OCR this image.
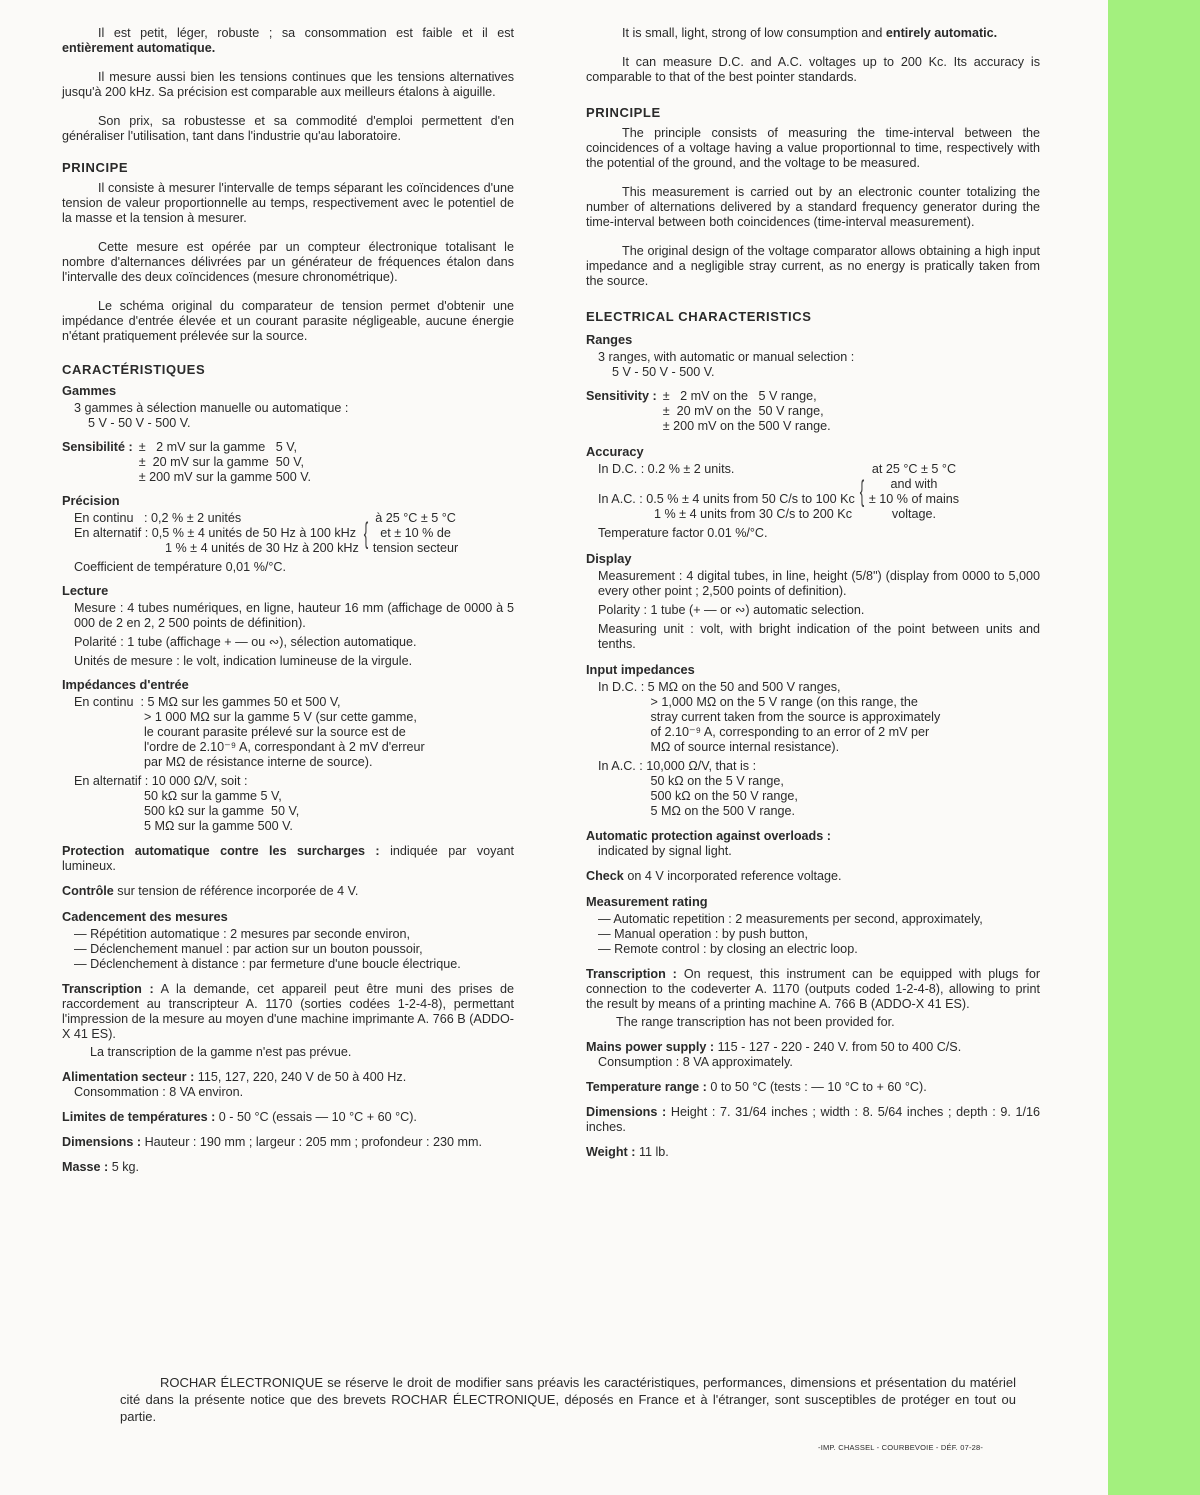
Il est petit, léger, robuste ; sa consommation est faible et il est entièrement automatique.

Il mesure aussi bien les tensions continues que les tensions alternatives jusqu'à 200 kHz. Sa précision est comparable aux meilleurs étalons à aiguille.

Son prix, sa robustesse et sa commodité d'emploi permettent d'en généraliser l'utilisation, tant dans l'industrie qu'au laboratoire.

PRINCIPE

Il consiste à mesurer l'intervalle de temps séparant les coïncidences d'une tension de valeur proportionnelle au temps, respectivement avec le potentiel de la masse et la tension à mesurer.

Cette mesure est opérée par un compteur électronique totalisant le nombre d'alternances délivrées par un générateur de fréquences étalon dans l'intervalle des deux coïncidences (mesure chronométrique).

Le schéma original du comparateur de tension permet d'obtenir une impédance d'entrée élevée et un courant parasite négligeable, aucune énergie n'étant pratiquement prélevée sur la source.

CARACTÉRISTIQUES
Gammes
3 gammes à sélection manuelle ou automatique :
5 V - 50 V - 500 V.
Sensibilité : ±   2 mV sur la gamme   5 V,
±  20 mV sur la gamme  50 V,
± 200 mV sur la gamme 500 V.
Précision
En continu   : 0,2 % ± 2 unités
En alternatif : 0,5 % ± 4 unités de 50 Hz à 100 kHz
1 % ± 4 unités de 30 Hz à 200 kHz { à 25 °C ± 5 °C
et ± 10 % de
tension secteur
Coefficient de température 0,01 %/°C.
Lecture
Mesure : 4 tubes numériques, en ligne, hauteur 16 mm (affichage de 0000 à 5 000 de 2 en 2, 2 500 points de définition).
Polarité : 1 tube (affichage + — ou ∾), sélection automatique.
Unités de mesure : le volt, indication lumineuse de la virgule.
Impédances d'entrée
En continu  : 5 MΩ sur les gammes 50 et 500 V,
> 1 000 MΩ sur la gamme 5 V (sur cette gamme,
le courant parasite prélevé sur la source est de
l'ordre de 2.10⁻⁹ A, correspondant à 2 mV d'erreur
par MΩ de résistance interne de source).
En alternatif : 10 000 Ω/V, soit :
50 kΩ sur la gamme 5 V,
500 kΩ sur la gamme  50 V,
5 MΩ sur la gamme 500 V.

Protection automatique contre les surcharges : indiquée par voyant lumineux.

Contrôle sur tension de référence incorporée de 4 V.

Cadencement des mesures
— Répétition automatique : 2 mesures par seconde environ,
— Déclenchement manuel : par action sur un bouton poussoir,
— Déclenchement à distance : par fermeture d'une boucle électrique.

Transcription : A la demande, cet appareil peut être muni des prises de raccordement au transcripteur A. 1170 (sorties codées 1-2-4-8), permettant l'impression de la mesure au moyen d'une machine imprimante A. 766 B (ADDO-X 41 ES).

La transcription de la gamme n'est pas prévue.

Alimentation secteur : 115, 127, 220, 240 V de 50 à 400 Hz.

Consommation : 8 VA environ.

Limites de températures : 0 - 50 °C (essais — 10 °C + 60 °C).

Dimensions : Hauteur : 190 mm ; largeur : 205 mm ; profondeur : 230 mm.

Masse : 5 kg.

It is small, light, strong of low consumption and entirely automatic.

It can measure D.C. and A.C. voltages up to 200 Kc. Its accuracy is comparable to that of the best pointer standards.

PRINCIPLE

The principle consists of measuring the time-interval between the coincidences of a voltage having a value proportionnal to time, respectively with the potential of the ground, and the voltage to be measured.

This measurement is carried out by an electronic counter totalizing the number of alternations delivered by a standard frequency generator during the time-interval between both coincidences (time-interval measurement).

The original design of the voltage comparator allows obtaining a high input impedance and a negligible stray current, as no energy is pratically taken from the source.

ELECTRICAL CHARACTERISTICS
Ranges
3 ranges, with automatic or manual selection :
5 V - 50 V - 500 V.
Sensitivity : ±   2 mV on the   5 V range,
±  20 mV on the  50 V range,
± 200 mV on the 500 V range.
Accuracy
In D.C. : 0.2 % ± 2 units.

In A.C. : 0.5 % ± 4 units from 50 C/s to 100 Kc
1 % ± 4 units from 30 C/s to 200 Kc
{
at 25 °C ± 5 °C
and with
± 10 % of mains
voltage.
Temperature factor 0.01 %/°C.
Display
Measurement : 4 digital tubes, in line, height (5/8") (display from 0000 to 5,000 every other point ; 2,500 points of definition).
Polarity : 1 tube (+ — or ∾) automatic selection.
Measuring unit : volt, with bright indication of the point between units and tenths.
Input impedances
In D.C. : 5 MΩ on the 50 and 500 V ranges,
> 1,000 MΩ on the 5 V range (on this range, the
stray current taken from the source is approximately
of 2.10⁻⁹ A, corresponding to an error of 2 mV per
MΩ of source internal resistance).
In A.C. : 10,000 Ω/V, that is :
50 kΩ on the 5 V range,
500 kΩ on the 50 V range,
5 MΩ on the 500 V range.
Automatic protection against overloads :
indicated by signal light.

Check on 4 V incorporated reference voltage.

Measurement rating
— Automatic repetition : 2 measurements per second, approximately,
— Manual operation : by push button,
— Remote control : by closing an electric loop.

Transcription : On request, this instrument can be equipped with plugs for connection to the codeverter A. 1170 (outputs coded 1-2-4-8), allowing to print the result by means of a printing machine A. 766 B (ADDO-X 41 ES).

The range transcription has not been provided for.

Mains power supply : 115 - 127 - 220 - 240 V. from 50 to 400 C/S.

Consumption : 8 VA approximately.

Temperature range : 0 to 50 °C (tests : — 10 °C to + 60 °C).

Dimensions : Height : 7. 31/64 inches ; width : 8. 5/64 inches ; depth : 9. 1/16 inches.

Weight : 11 lb.

ROCHAR ÉLECTRONIQUE se réserve le droit de modifier sans préavis les caractéristiques, performances, dimensions et présentation du matériel cité dans la présente notice que des brevets ROCHAR ÉLECTRONIQUE, déposés en France et à l'étranger, sont susceptibles de protéger en tout ou partie.

-IMP. CHASSEL - COURBEVOIE - DÉF. 07-28-
